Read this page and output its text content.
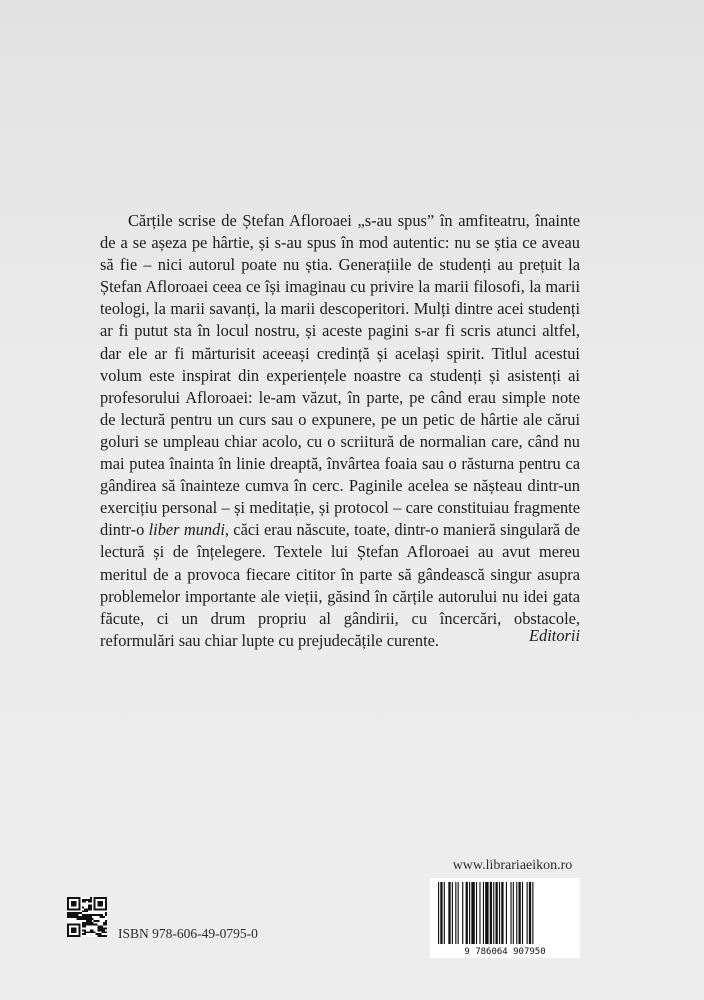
Cărțile scrise de Ștefan Afloroaei „s-au spus” în amfiteatru, înainte de a se așeza pe hârtie, și s-au spus în mod autentic: nu se știa ce aveau să fie – nici autorul poate nu știa. Generațiile de studenți au prețuit la Ștefan Afloroaei ceea ce își imaginau cu privire la marii filosofi, la marii teologi, la marii savanți, la marii descoperitori. Mulți dintre acei studenți ar fi putut sta în locul nostru, și aceste pagini s-ar fi scris atunci altfel, dar ele ar fi mărturisit aceeași credință și același spirit. Titlul acestui volum este inspirat din experiențele noastre ca studenți și asistenți ai profesorului Afloroaei: le-am văzut, în parte, pe când erau simple note de lectură pentru un curs sau o expunere, pe un petic de hârtie ale cărui goluri se umpleau chiar acolo, cu o scriitură de normalian care, când nu mai putea înainta în linie dreaptă, învârtea foaia sau o răsturna pentru ca gândirea să înainteze cumva în cerc. Paginile acelea se nășteau dintr-un exercițiu personal – și meditație, și protocol – care constituiau fragmente dintr-o liber mundi, căci erau născute, toate, dintr-o manieră singulară de lectură și de înțelegere. Textele lui Ștefan Afloroaei au avut mereu meritul de a provoca fiecare cititor în parte să gândească singur asupra problemelor importante ale vieții, găsind în cărțile autorului nu idei gata făcute, ci un drum propriu al gândirii, cu încercări, obstacole, reformulări sau chiar lupte cu prejudecățile curente.	Editorii
www.librariaeikon.ro
9 786064 907950
ISBN 978-606-49-0795-0
